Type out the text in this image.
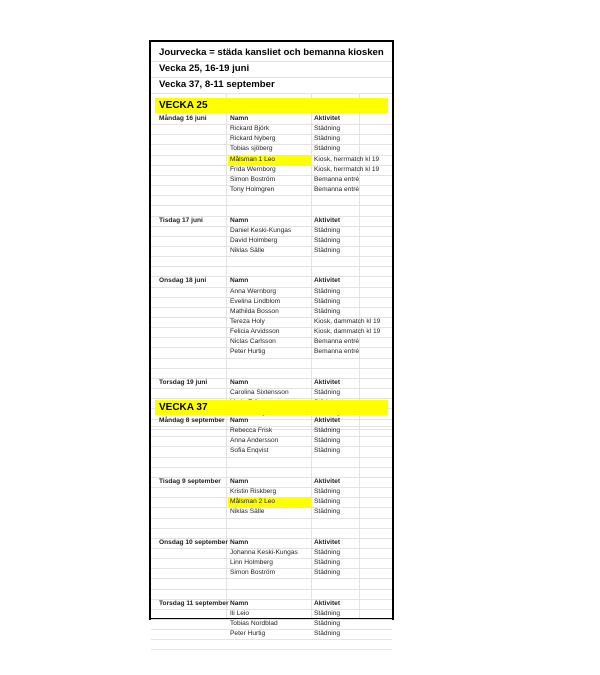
Jourvecka = städa kansliet och bemanna kiosken
Vecka 25, 16-19 juni
Vecka 37, 8-11 september
VECKA 25
Måndag 16 juni	Namn	Aktivitet
Rickard Björk	Städning
Rickard Nyberg	Städning
Tobias sjöberg	Städning
Målsman 1 Leo	Kiosk, herrmatch kl 19
Frida Wernborg	Kiosk, herrmatch kl 19
Simon Boström	Bemanna entré
Tony Holmgren	Bemanna entré
Tisdag 17 juni	Namn	Aktivitet
Daniel Keski-Kungas	Städning
David Holmberg	Städning
Niklas Sälle	Städning
Onsdag 18 juni	Namn	Aktivitet
Anna Wernborg	Städning
Evelina Lindblom	Städning
Mathilda Bosson	Städning
Tereza Holy	Kiosk, dammatch kl 19
Felicia Arvidsson	Kiosk, dammatch kl 19
Niclas Carlsson	Bemanna entré
Peter Hurtig	Bemanna entré
Torsdag 19 juni	Namn	Aktivitet
Carolina Sixtensson	Städning
VECKA 37
Måndag 8 september Namn	Aktivitet
Rebecca Frisk	Städning
Anna Andersson	Städning
Sofia Enqvist	Städning
Tisdag 9 september Namn	Aktivitet
Kristin Riskberg	Städning
Målsman 2 Leo	Städning
Niklas Sälle	Städning
Onsdag 10 september Namn	Aktivitet
Johanna Keski-Kungas Städning
Linn Holmberg	Städning
Simon Boström	Städning
Torsdag 11 september Namn	Aktivitet
Ili Leio	Städning
Tobias Nordblad	Städning
Peter Hurtig	Städning
